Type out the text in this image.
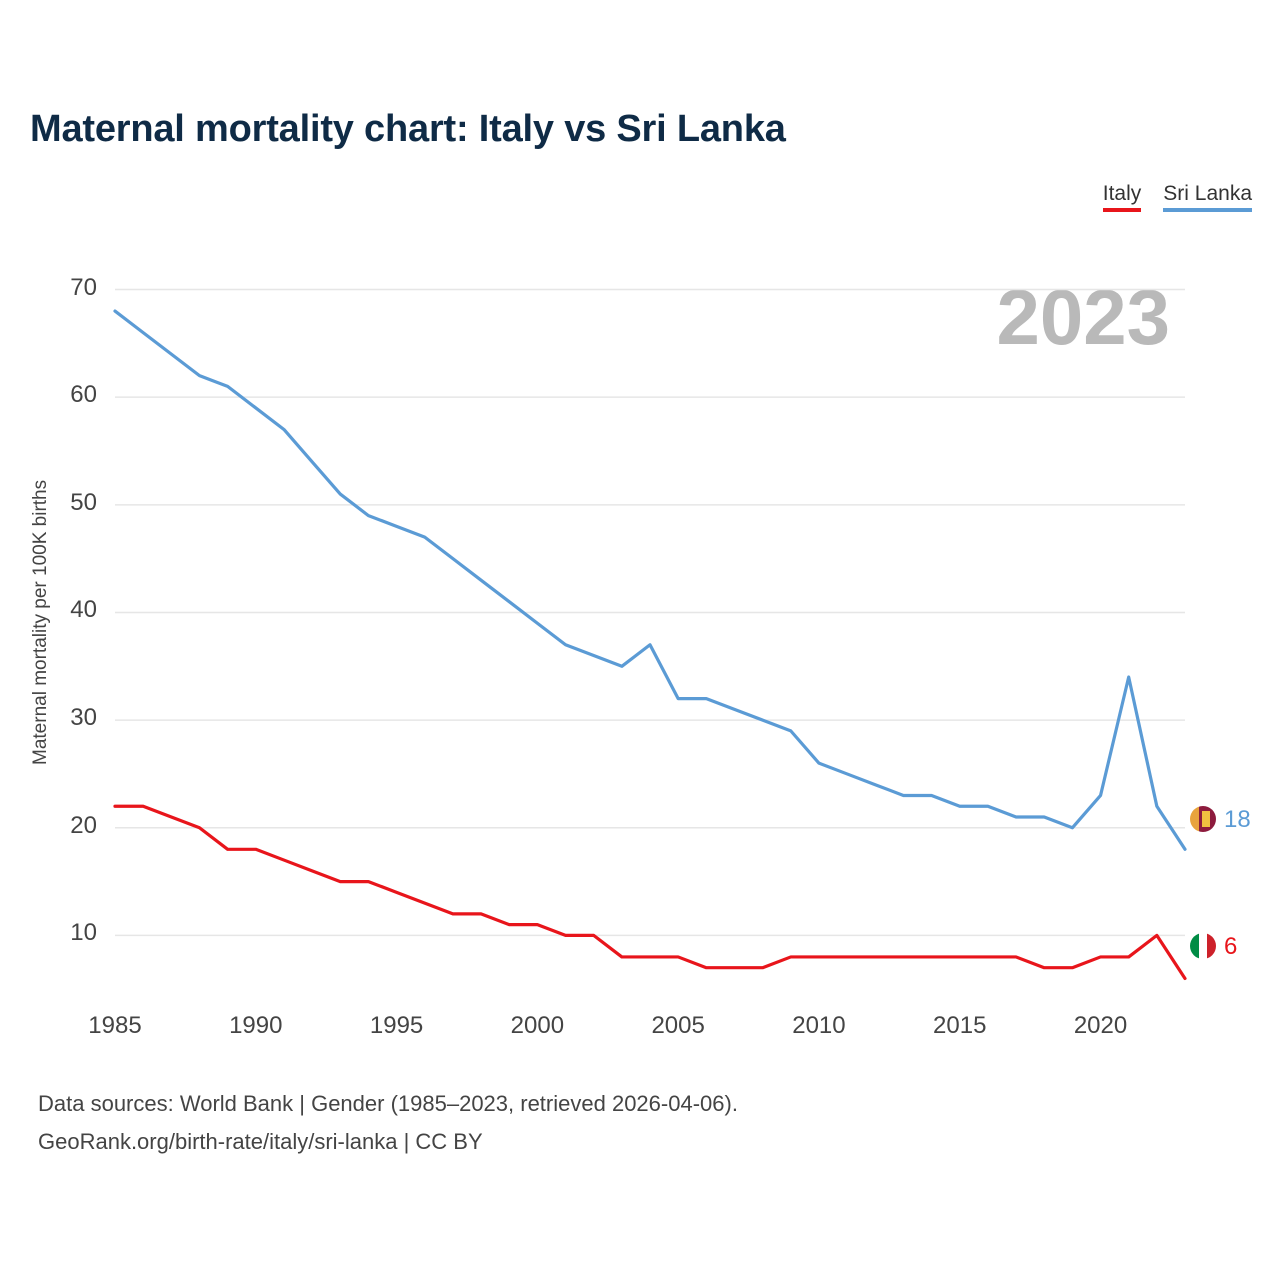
Maternal mortality chart: Italy vs Sri Lanka
Italy Sri Lanka
2023
Maternal mortality per 100K births
10
20
30
40
50
60
70
1985	1990	1995	2000	2005	2010	2015	2020
18
6
Data sources: World Bank | Gender (1985–2023, retrieved 2026-04-06).
GeoRank.org/birth-rate/italy/sri-lanka | CC BY
